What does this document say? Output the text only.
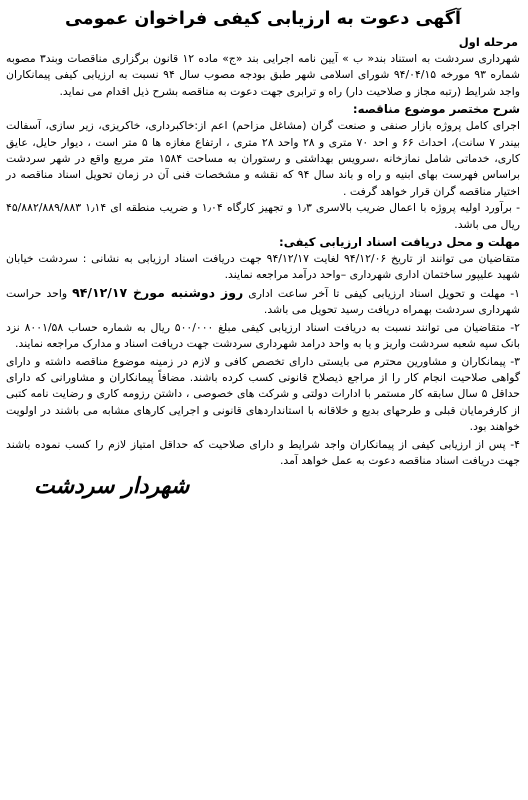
آگهی دعوت به ارزیابی کیفی فراخوان عمومی
مرحله اول

شهرداری سردشت به استناد بند« ب » آیین نامه اجرایی بند «ج» ماده ۱۲ قانون برگزاری مناقصات وبند۳ مصوبه شماره ۹۳ مورخه ۹۴/۰۴/۱۵ شورای اسلامی شهر طبق بودجه مصوب سال ۹۴ نسبت به ارزیابی کیفی پیمانکاران واجد شرایط (رتبه مجاز و صلاحیت دار) راه و ترابری جهت دعوت به مناقصه بشرح ذیل اقدام می نماید.

شرح مختصر موضوع مناقصه:

اجرای کامل پروژه بازار صنفی و صنعت گران (مشاغل مزاحم) اعم از:خاکبرداری، خاکریزی، زیر سازی، آسفالت بیندر ۷ سانت)، احداث ۶۶ و احد ۷۰ متری و ۲۸ واحد ۲۸ متری ، ارتفاع مغازه ها ۵ متر است ، دیوار حایل، عایق کاری، خدماتی شامل نمازخانه ،سرویس بهداشتی و رستوران به مساحت ۱۵۸۴ متر مربع واقع در شهر سردشت براساس فهرست بهای ابنیه و راه و باند سال ۹۴ که نقشه و مشخصات فنی آن در زمان تحویل اسناد مناقصه در اختیار مناقصه گران قرار خواهد گرفت .

- برآورد اولیه پروژه با اعمال ضریب بالاسری ۱٫۳ و تجهیز کارگاه ۱٫۰۴ و ضریب منطقه ای ۱٫۱۴ ۴۵/۸۸۲/۸۸۹/۸۸۳ ریال می باشد.

مهلت و محل دریافت اسناد ارزیابی کیفی:

متقاضیان می توانند از تاریخ ۹۴/۱۲/۰۶ لغایت ۹۴/۱۲/۱۷ جهت دریافت اسناد ارزیابی به نشانی : سردشت خیابان شهید علیپور ساختمان اداری شهرداری –واحد درآمد مراجعه نمایند.

۱- مهلت و تحویل اسناد ارزیابی کیفی تا آخر ساعت اداری روز دوشنبه مورخ ۹۴/۱۲/۱۷ واحد حراست شهرداری سردشت بهمراه دریافت رسید تحویل می باشد.

۲- متقاضیان می توانند نسبت به دریافت اسناد ارزیابی کیفی مبلغ ۵۰۰/۰۰۰ ریال به شماره حساب ۸۰۰۱/۵۸ نزد بانک سپه شعبه سردشت واریز و یا به واحد درامد شهرداری سردشت جهت دریافت اسناد و مدارک مراجعه نمایند.

۳- پیمانکاران و مشاورین محترم می بایستی دارای تخصص کافی و لازم در زمینه موضوع مناقصه داشته و دارای گواهی صلاحیت انجام کار را از مراجع ذیصلاح قانونی کسب کرده باشند. مضافاً پیمانکاران و مشاورانی که دارای حداقل ۵ سال سابقه کار مستمر با ادارات دولتی و شرکت های خصوصی ، داشتن رزومه کاری و رضایت نامه کتبی از کارفرمایان قبلی و طرحهای بدیع و خلاقانه با استانداردهای قانونی و اجرایی کارهای مشابه می باشند در اولویت خواهند بود.

۴- پس از ارزیابی کیفی از پیمانکاران واجد شرایط و دارای صلاحیت که حداقل امتیاز لازم را کسب نموده باشند جهت دریافت اسناد مناقصه دعوت به عمل خواهد آمد.

شهردار سردشت
